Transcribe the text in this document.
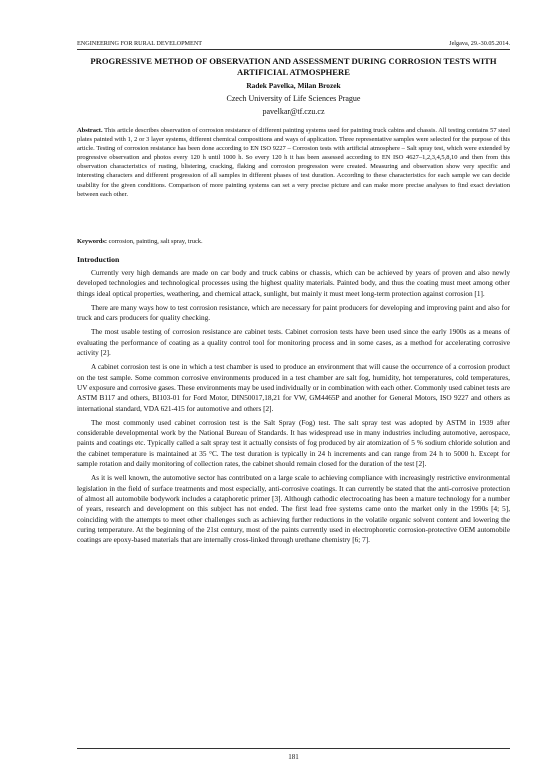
ENGINEERING FOR RURAL DEVELOPMENT	Jelgava, 29.-30.05.2014.
PROGRESSIVE METHOD OF OBSERVATION AND ASSESSMENT DURING CORROSION TESTS WITH ARTIFICIAL ATMOSPHERE
Radek Pavelka, Milan Brozek
Czech University of Life Sciences Prague
pavelkar@tf.czu.cz
Abstract. This article describes observation of corrosion resistance of different painting systems used for painting truck cabins and chassis. All testing contains 57 steel plates painted with 1, 2 or 3 layer systems, different chemical compositions and ways of application. Three representative samples were selected for the purpose of this article. Testing of corrosion resistance has been done according to EN ISO 9227 – Corrosion tests with artificial atmosphere – Salt spray test, which were extended by progressive observation and photos every 120 h until 1000 h. So every 120 h it has been assessed according to EN ISO 4627–1,2,3,4,5,8,10 and then from this observation characteristics of rusting, blistering, cracking, flaking and corrosion progression were created. Measuring and observation show very specific and interesting characters and different progression of all samples in different phases of test duration. According to these characteristics for each sample we can decide usability for the given conditions. Comparison of more painting systems can set a very precise picture and can make more precise analyses to find exact deviation between each other.
Keywords: corrosion, painting, salt spray, truck.
Introduction

Currently very high demands are made on car body and truck cabins or chassis, which can be achieved by years of proven and also newly developed technologies and technological processes using the highest quality materials. Painted body, and thus the coating must meet among other things ideal optical properties, weathering, and chemical attack, sunlight, but mainly it must meet long-term protection against corrosion [1].

There are many ways how to test corrosion resistance, which are necessary for paint producers for developing and improving paint and also for truck and cars producers for quality checking.

The most usable testing of corrosion resistance are cabinet tests. Cabinet corrosion tests have been used since the early 1900s as a means of evaluating the performance of coating as a quality control tool for monitoring process and in some cases, as a method for accelerating corrosive activity [2].

A cabinet corrosion test is one in which a test chamber is used to produce an environment that will cause the occurrence of a corrosion product on the test sample. Some common corrosive environments produced in a test chamber are salt fog, humidity, hot temperatures, cold temperatures, UV exposure and corrosive gases. These environments may be used individually or in combination with each other. Commonly used cabinet tests are ASTM B117 and others, BI103-01 for Ford Motor, DIN50017,18,21 for VW, GM4465P and another for General Motors, ISO 9227 and others as international standard, VDA 621-415 for automotive and others [2].

The most commonly used cabinet corrosion test is the Salt Spray (Fog) test. The salt spray test was adopted by ASTM in 1939 after considerable developmental work by the National Bureau of Standards. It has widespread use in many industries including automotive, aerospace, paints and coatings etc. Typically called a salt spray test it actually consists of fog produced by air atomization of 5 % sodium chloride solution and the cabinet temperature is maintained at 35 °C. The test duration is typically in 24 h increments and can range from 24 h to 5000 h. Except for sample rotation and daily monitoring of collection rates, the cabinet should remain closed for the duration of the test [2].

As it is well known, the automotive sector has contributed on a large scale to achieving compliance with increasingly restrictive environmental legislation in the field of surface treatments and most especially, anti-corrosive coatings. It can currently be stated that the anti-corrosive protection of almost all automobile bodywork includes a cataphoretic primer [3]. Although cathodic electrocoating has been a mature technology for a number of years, research and development on this subject has not ended. The first lead free systems came onto the market only in the 1990s [4; 5], coinciding with the attempts to meet other challenges such as achieving further reductions in the volatile organic solvent content and lowering the curing temperature. At the beginning of the 21st century, most of the paints currently used in electrophoretic corrosion-protective OEM automobile coatings are epoxy-based materials that are internally cross-linked through urethane chemistry [6; 7].

181
